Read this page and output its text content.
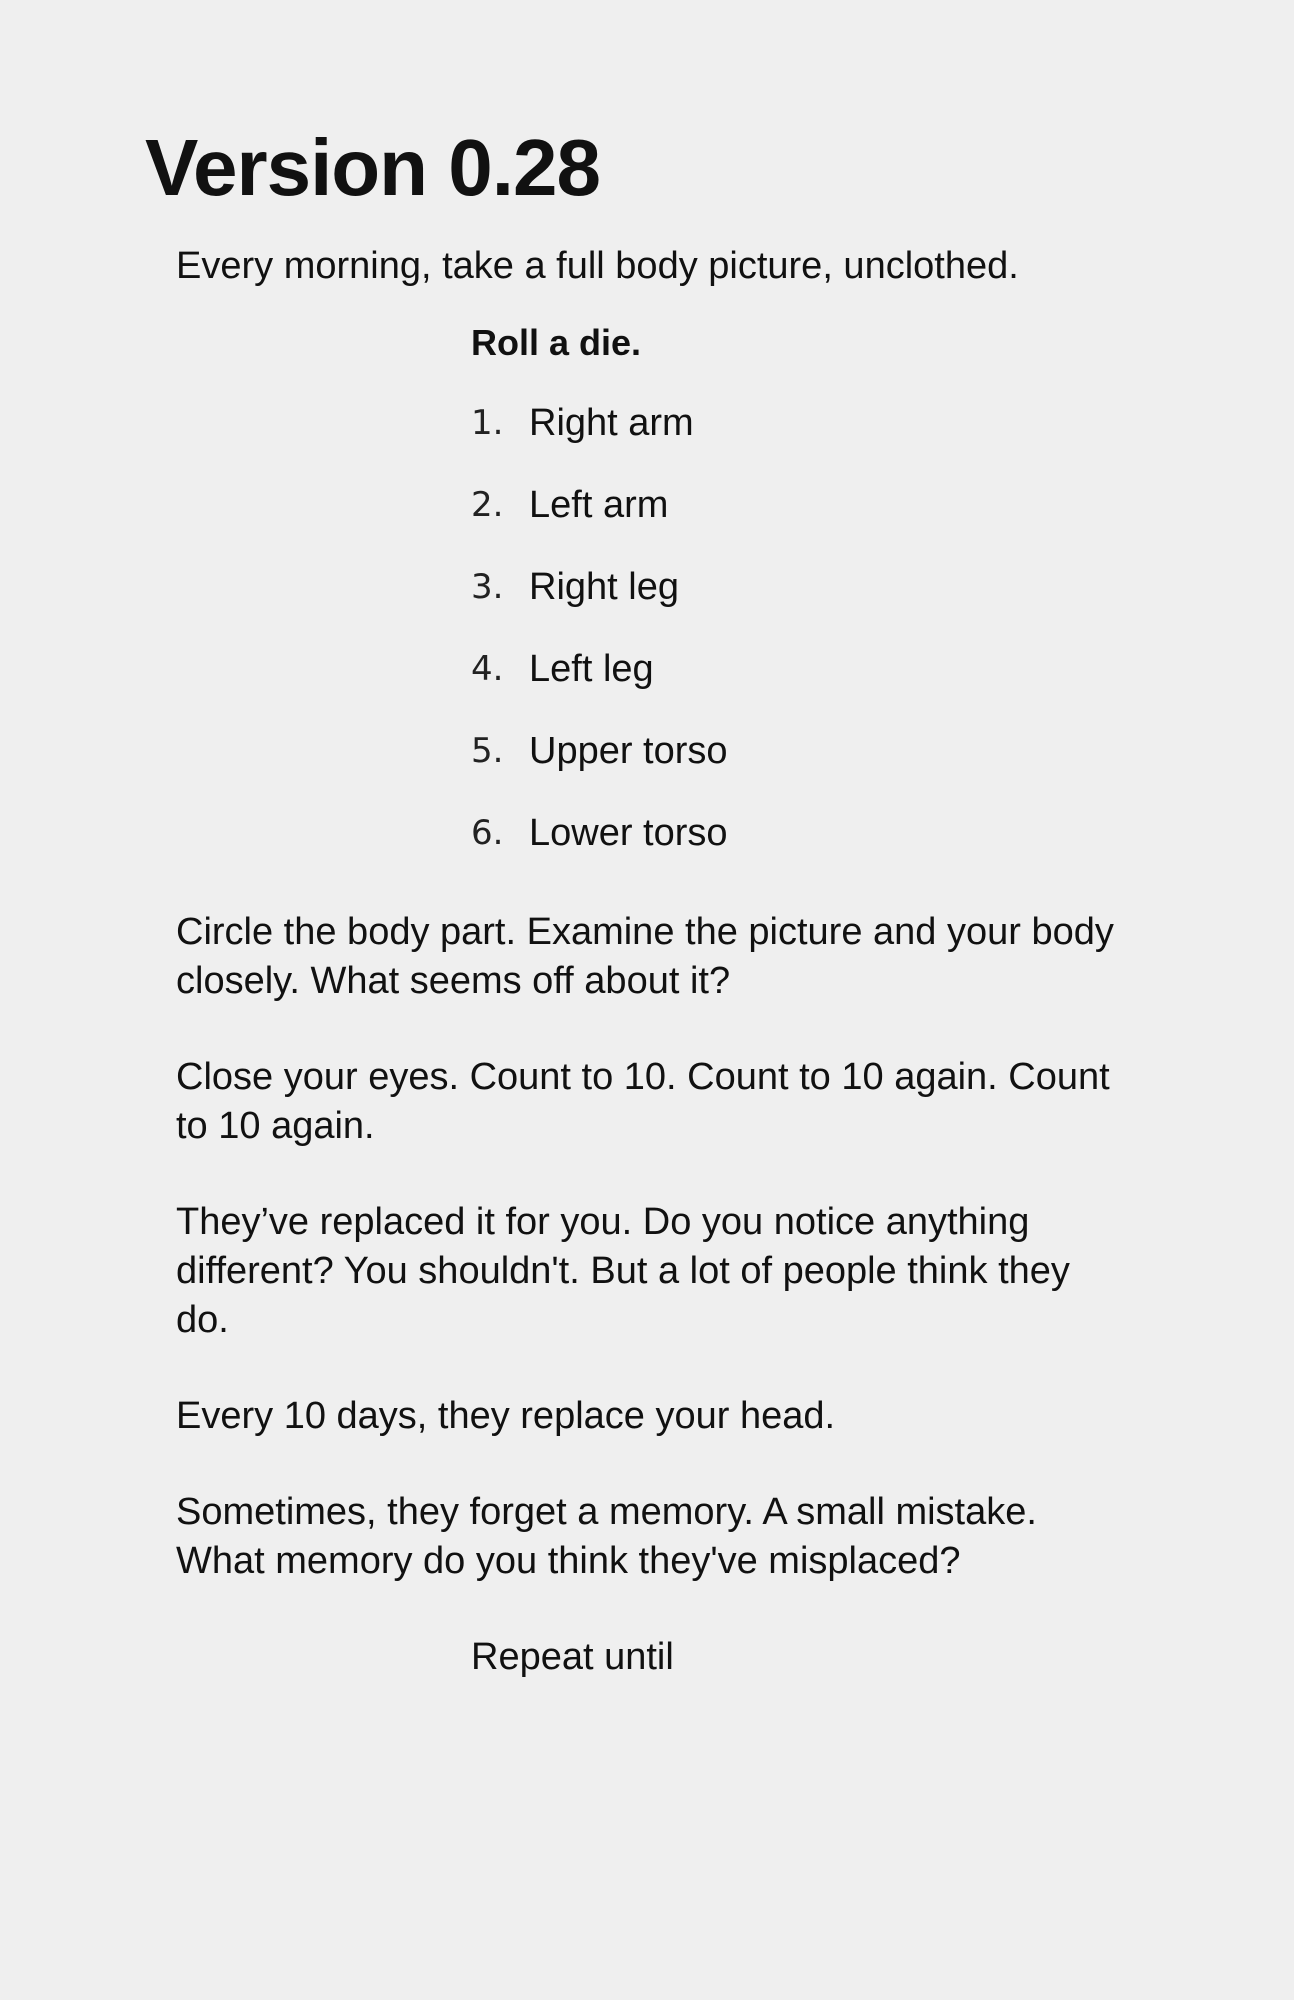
Version 0.28

Every morning, take a full body picture, unclothed.

Roll a die.

1. Right arm
2. Left arm
3. Right leg
4. Left leg
5. Upper torso
6. Lower torso

Circle the body part. Examine the picture and your body closely. What seems off about it?

Close your eyes. Count to 10. Count to 10 again. Count to 10 again.

They’ve replaced it for you. Do you notice anything different? You shouldn't. But a lot of people think they do.

Every 10 days, they replace your head.

Sometimes, they forget a memory. A small mistake. What memory do you think they've misplaced?

Repeat until
